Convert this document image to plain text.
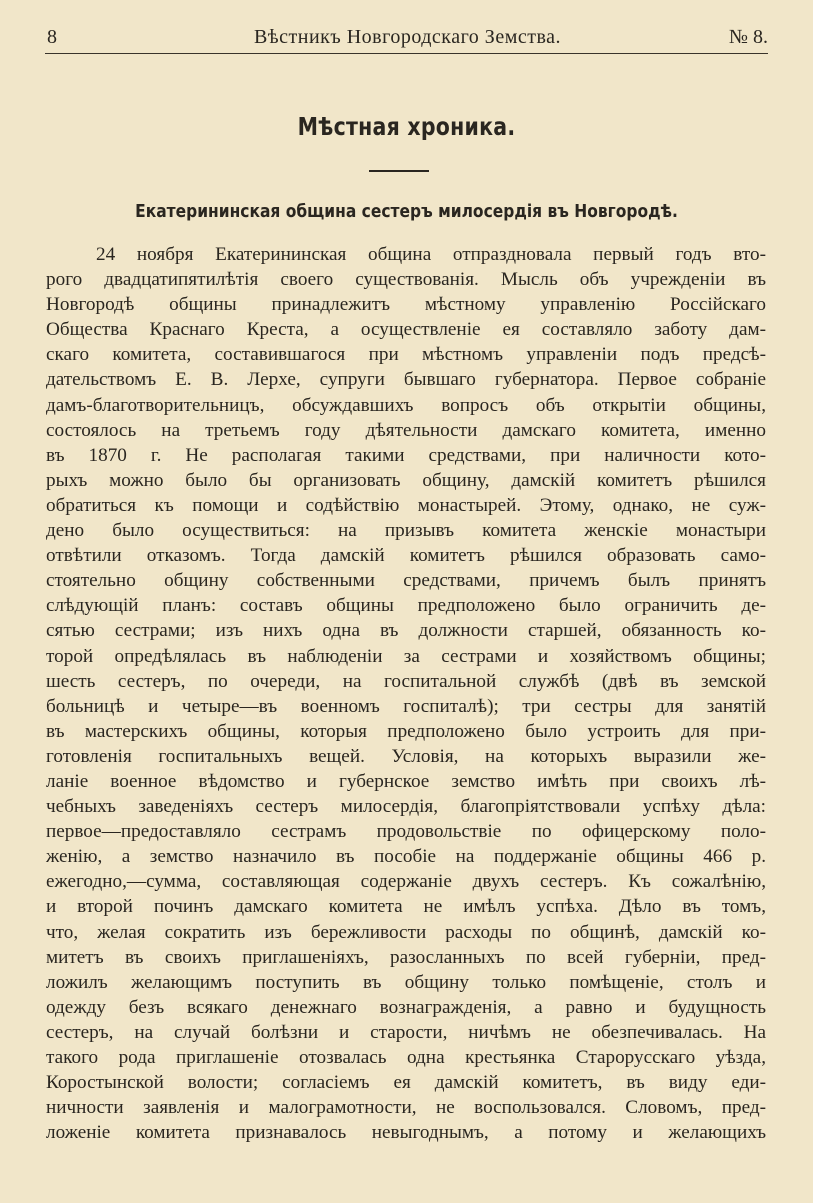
8	Вѣстникъ Новгородскаго Земства.	№ 8.
Мѣстная хроника.
Екатерининская община сестеръ милосердія въ Новгородѣ.
24 ноября Екатерининская община отпраздновала первый годъ вто-
рого двадцатипятилѣтія своего существованія. Мысль объ учрежденіи въ
Новгородѣ общины принадлежитъ мѣстному управленію Россійскаго
Общества Краснаго Креста, а осуществленіе ея составляло заботу дам-
скаго комитета, составившагося при мѣстномъ управленіи подъ предсѣ-
дательствомъ Е. В. Лерхе, супруги бывшаго губернатора. Первое собраніе
дамъ-благотворительницъ, обсуждавшихъ вопросъ объ открытіи общины,
состоялось на третьемъ году дѣятельности дамскаго комитета, именно
въ 1870 г. Не располагая такими средствами, при наличности кото-
рыхъ можно было бы организовать общину, дамскій комитетъ рѣшился
обратиться къ помощи и содѣйствію монастырей. Этому, однако, не суж-
дено было осуществиться: на призывъ комитета женскіе монастыри
отвѣтили отказомъ. Тогда дамскій комитетъ рѣшился образовать само-
стоятельно общину собственными средствами, причемъ былъ принятъ
слѣдующій планъ: составъ общины предположено было ограничить де-
сятью сестрами; изъ нихъ одна въ должности старшей, обязанность ко-
торой опредѣлялась въ наблюденіи за сестрами и хозяйствомъ общины;
шесть сестеръ, по очереди, на госпитальной службѣ (двѣ въ земской
больницѣ и четыре—въ военномъ госпиталѣ); три сестры для занятій
въ мастерскихъ общины, которыя предположено было устроить для при-
готовленія госпитальныхъ вещей. Условія, на которыхъ выразили же-
ланіе военное вѣдомство и губернское земство имѣть при своихъ лѣ-
чебныхъ заведеніяхъ сестеръ милосердія, благопріятствовали успѣху дѣла:
первое—предоставляло сестрамъ продовольствіе по офицерскому поло-
женію, а земство назначило въ пособіе на поддержаніе общины 466 р.
ежегодно,—сумма, составляющая содержаніе двухъ сестеръ. Къ сожалѣнію,
и второй починъ дамскаго комитета не имѣлъ успѣха. Дѣло въ томъ,
что, желая сократить изъ бережливости расходы по общинѣ, дамскій ко-
митетъ въ своихъ приглашеніяхъ, разосланныхъ по всей губерніи, пред-
ложилъ желающимъ поступить въ общину только помѣщеніе, столъ и
одежду безъ всякаго денежнаго вознагражденія, а равно и будущность
сестеръ, на случай болѣзни и старости, ничѣмъ не обезпечивалась. На
такого рода приглашеніе отозвалась одна крестьянка Старорусскаго уѣзда,
Коростынской волости; согласіемъ ея дамскій комитетъ, въ виду еди-
ничности заявленія и малограмотности, не воспользовался. Словомъ, пред-
ложеніе комитета признавалось невыгоднымъ, а потому и желающихъ
